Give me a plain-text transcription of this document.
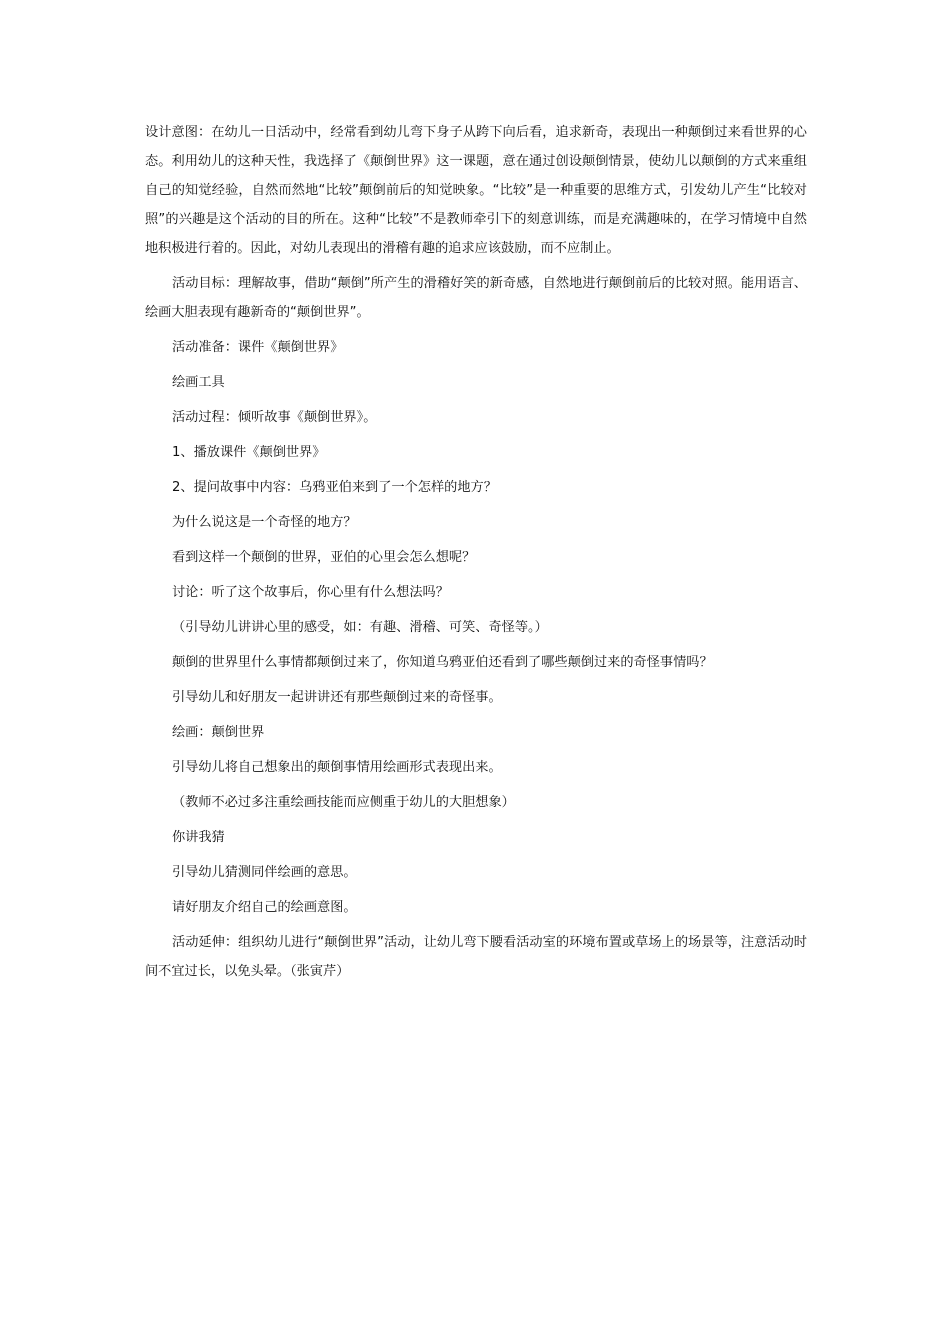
设计意图：在幼儿一日活动中，经常看到幼儿弯下身子从跨下向后看，追求新奇，表现出一种颠倒过来看世界的心态。利用幼儿的这种天性，我选择了《颠倒世界》这一课题，意在通过创设颠倒情景，使幼儿以颠倒的方式来重组自己的知觉经验，自然而然地“比较”颠倒前后的知觉映象。“比较”是一种重要的思维方式，引发幼儿产生“比较对照”的兴趣是这个活动的目的所在。这种“比较”不是教师牵引下的刻意训练，而是充满趣味的，在学习情境中自然地积极进行着的。因此，对幼儿表现出的滑稽有趣的追求应该鼓励，而不应制止。

活动目标：理解故事，借助“颠倒”所产生的滑稽好笑的新奇感，自然地进行颠倒前后的比较对照。能用语言、绘画大胆表现有趣新奇的“颠倒世界”。

活动准备：课件《颠倒世界》

绘画工具

活动过程：倾听故事《颠倒世界》。

1、播放课件《颠倒世界》

2、提问故事中内容：乌鸦亚伯来到了一个怎样的地方？

为什么说这是一个奇怪的地方？

看到这样一个颠倒的世界，亚伯的心里会怎么想呢？

讨论：听了这个故事后，你心里有什么想法吗？

（引导幼儿讲讲心里的感受，如：有趣、滑稽、可笑、奇怪等。）

颠倒的世界里什么事情都颠倒过来了，你知道乌鸦亚伯还看到了哪些颠倒过来的奇怪事情吗？

引导幼儿和好朋友一起讲讲还有那些颠倒过来的奇怪事。

绘画：颠倒世界

引导幼儿将自己想象出的颠倒事情用绘画形式表现出来。

（教师不必过多注重绘画技能而应侧重于幼儿的大胆想象）

你讲我猜

引导幼儿猜测同伴绘画的意思。

请好朋友介绍自己的绘画意图。

活动延伸：组织幼儿进行“颠倒世界”活动，让幼儿弯下腰看活动室的环境布置或草场上的场景等，注意活动时间不宜过长，以免头晕。（张寅芹）
